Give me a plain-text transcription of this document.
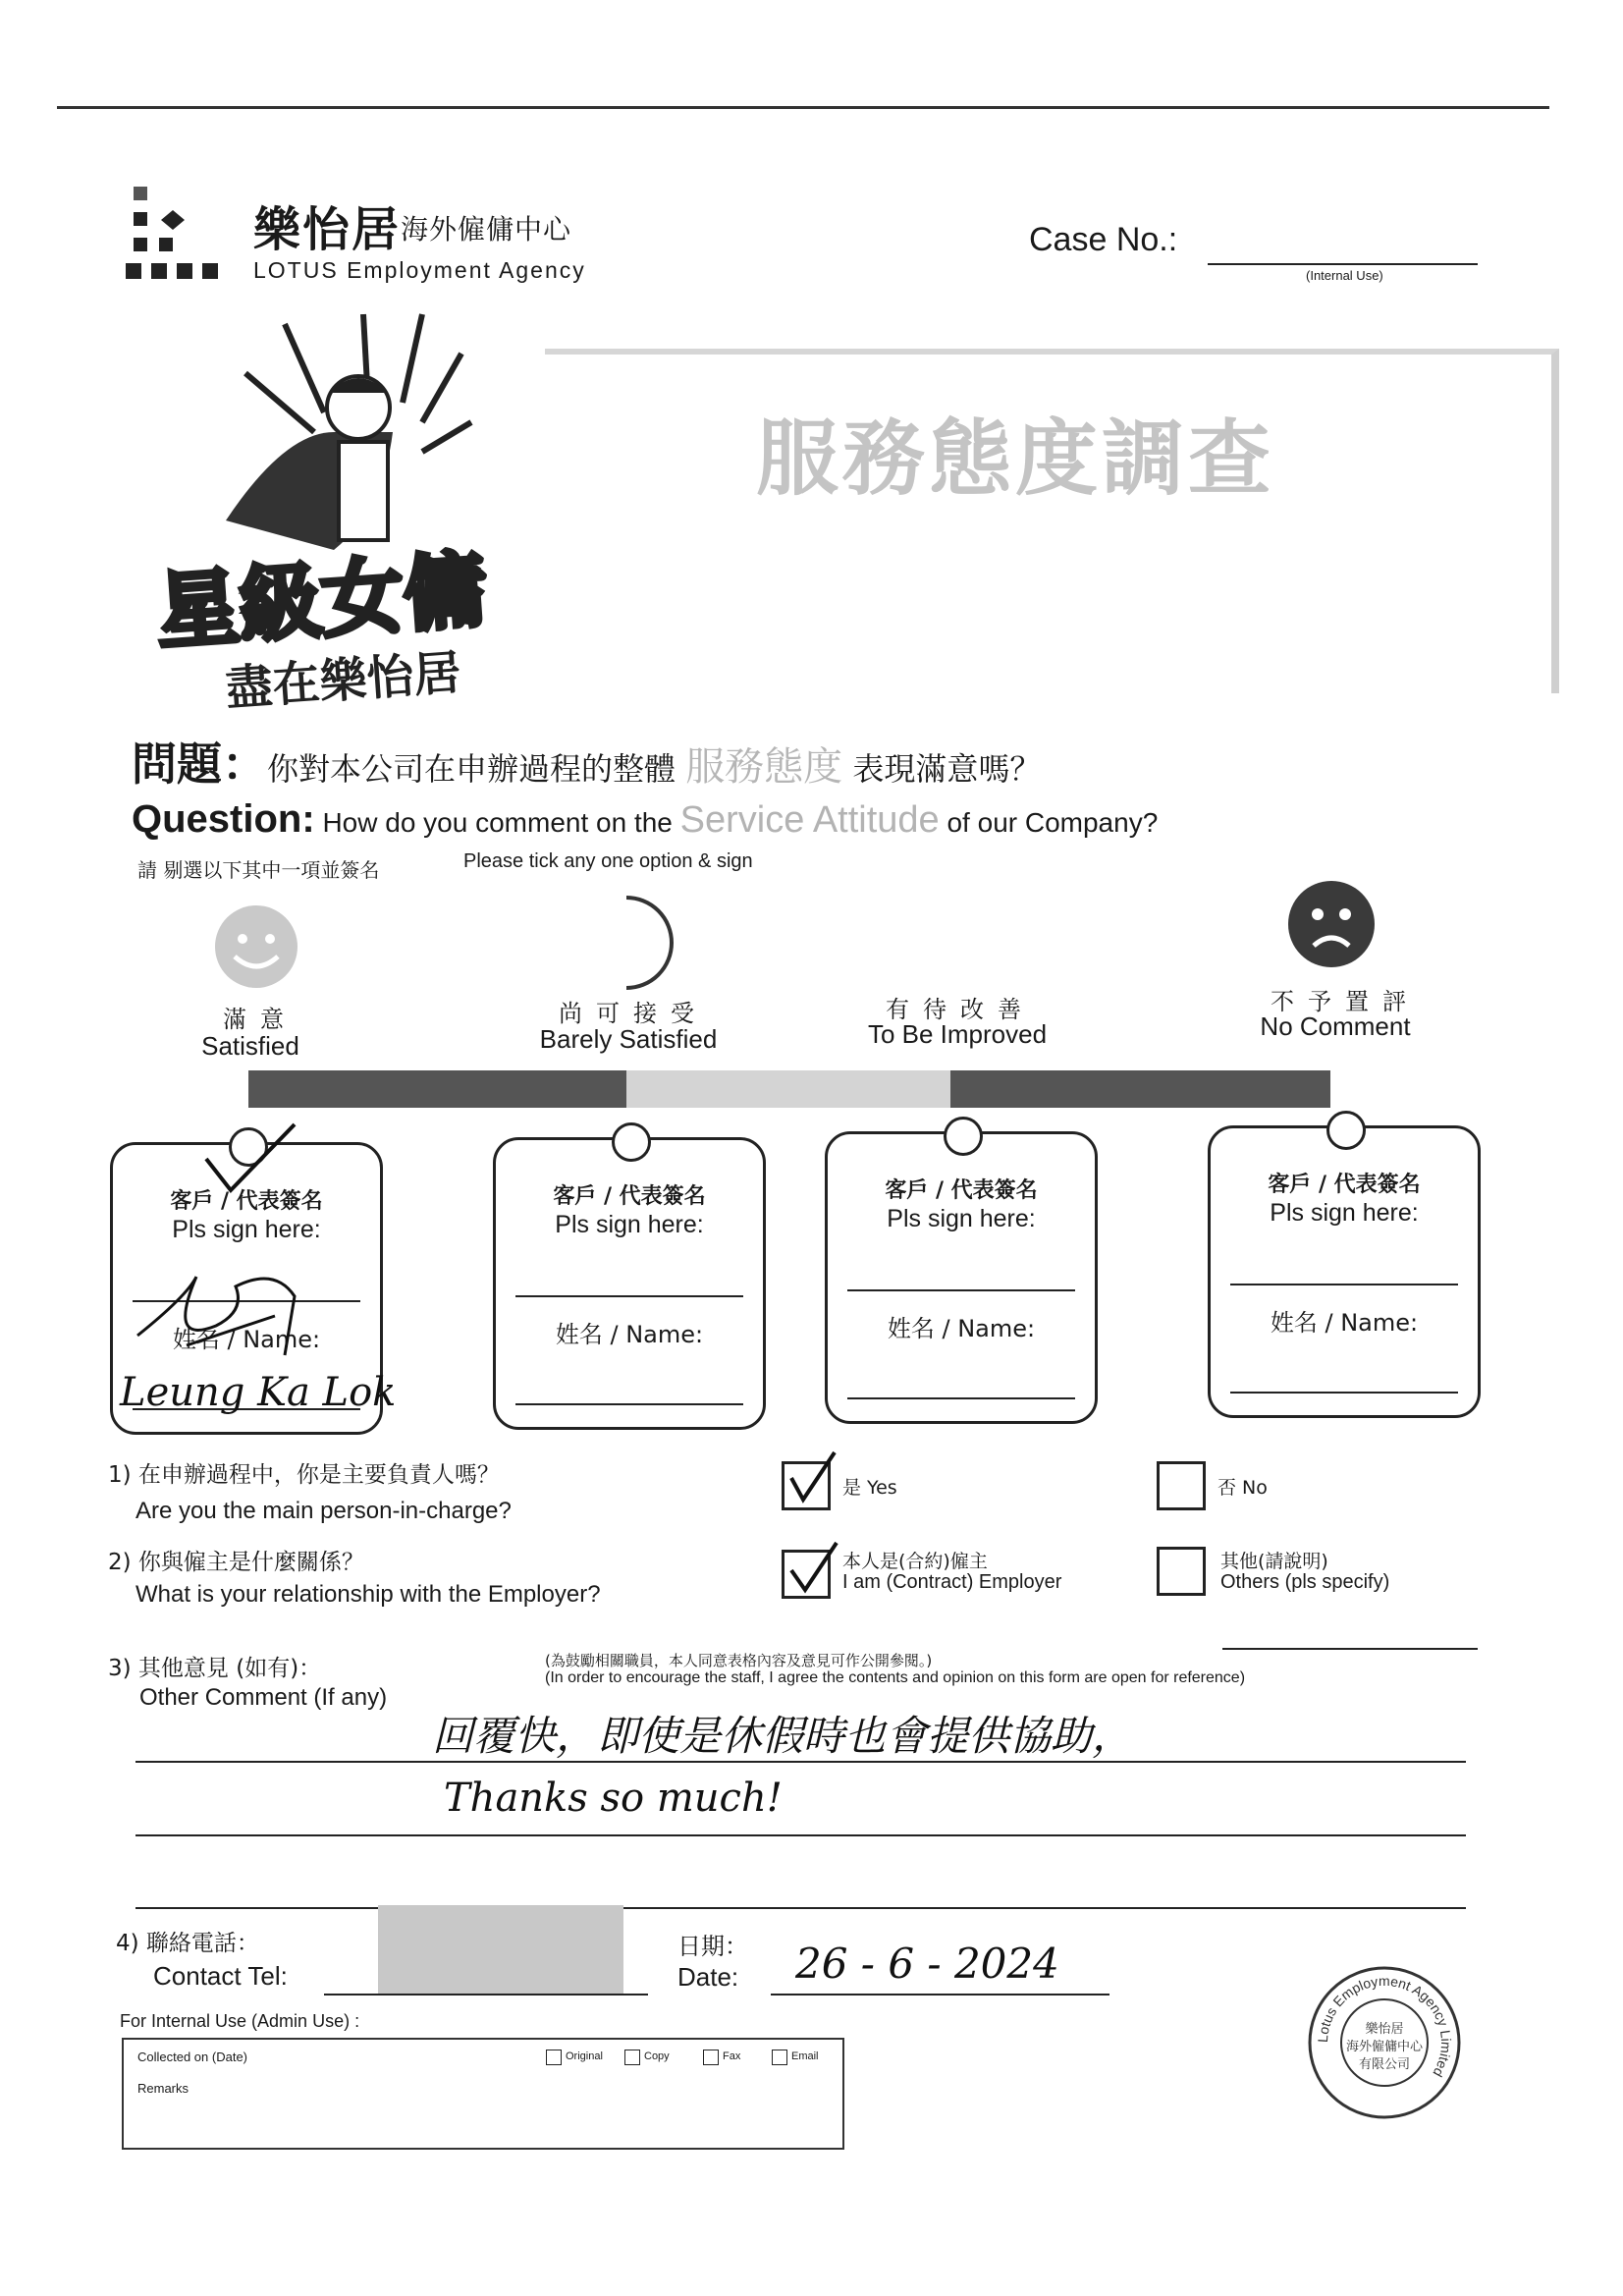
樂怡居 海外僱傭中心
LOTUS Employment Agency
Case No.:
(Internal Use)
服務態度調查
星級女傭
盡在樂怡居
問題：你對本公司在申辦過程的整體 服務態度 表現滿意嗎？
Question: How do you comment on the Service Attitude of our Company?
請 剔選以下其中一項並簽名	Please tick any one option & sign
滿意
Satisfied
尚可接受
Barely Satisfied
有待改善
To Be Improved
不予置評
No Comment
客戶 / 代表簽名
Pls sign here:
姓名 / Name:
客戶 / 代表簽名
Pls sign here:
姓名 / Name:
客戶 / 代表簽名
Pls sign here:
姓名 / Name:
客戶 / 代表簽名
Pls sign here:
姓名 / Name:
Leung Ka Lok
1) 在申辦過程中，你是主要負責人嗎？
Are you the main person-in-charge?
是 Yes	否 No
2) 你與僱主是什麼關係？
What is your relationship with the Employer?
本人是(合約)僱主
I am (Contract) Employer
其他(請說明)
Others (pls specify)
3) 其他意見 (如有)：
Other Comment (If any)
(為鼓勵相關職員，本人同意表格內容及意見可作公開參閱。)
(In order to encourage the staff, I agree the contents and opinion on this form are open for reference)
回覆快，即使是休假時也會提供協助，
Thanks so much!
4) 聯絡電話：
Contact Tel:
日期：
Date: 26 - 6 - 2024
For Internal Use (Admin Use) :
Collected on (Date)
Remarks
Original	Copy	Fax	Email
Lotus Employment Agency Limited
樂怡居
海外僱傭中心
有限公司
